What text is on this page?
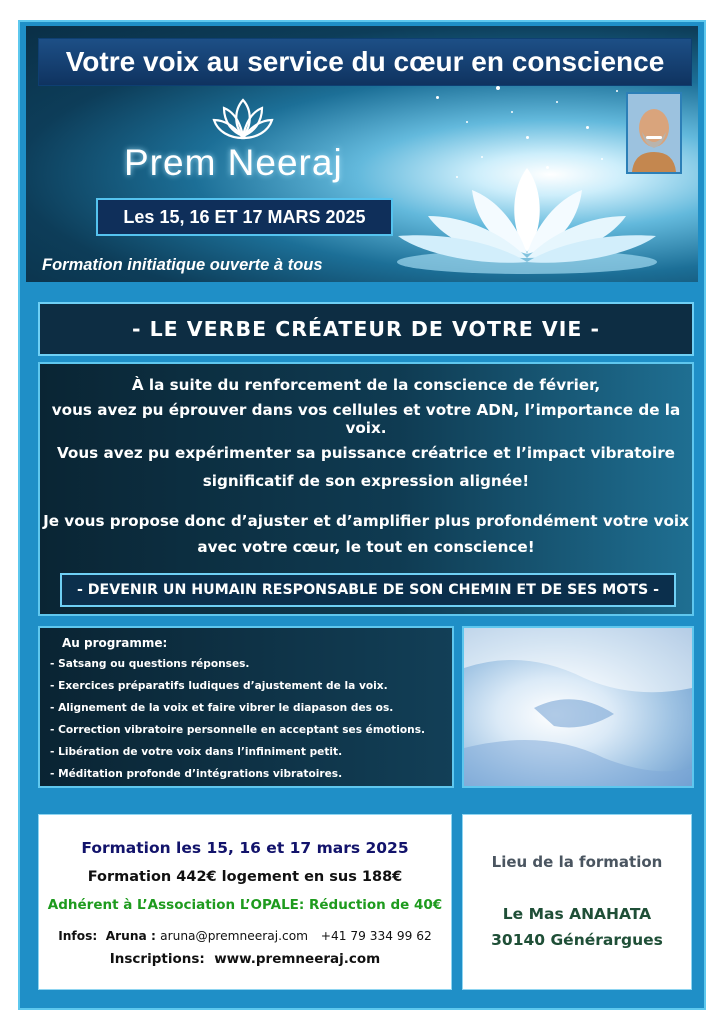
Votre voix au service du cœur en conscience
Prem Neeraj
Les 15, 16 ET 17 MARS 2025
Formation initiatique ouverte à tous
- LE VERBE CRÉATEUR DE VOTRE VIE -
À la suite du renforcement de la conscience de février,
vous avez pu éprouver dans vos cellules et votre ADN, l’importance de la voix.
Vous avez pu expérimenter sa puissance créatrice et l’impact vibratoire
significatif de son expression alignée!
Je vous propose donc d’ajuster et d’amplifier plus profondément votre voix
avec votre cœur, le tout en conscience!
- DEVENIR UN HUMAIN RESPONSABLE DE SON CHEMIN ET DE SES MOTS -
Au programme:
- Satsang ou questions réponses.
- Exercices préparatifs ludiques d’ajustement de la voix.
- Alignement de la voix et faire vibrer le diapason des os.
- Correction vibratoire personnelle en acceptant ses émotions.
- Libération de votre voix dans l’infiniment petit.
- Méditation profonde d’intégrations vibratoires.
Formation les 15, 16 et 17 mars 2025
Formation 442€ logement en sus 188€
Adhérent à L’Association L’OPALE: Réduction de 40€
Infos: Aruna : aruna@premneeraj.com +41 79 334 99 62
Inscriptions: www.premneeraj.com
Lieu de la formation
Le Mas ANAHATA
30140 Générargues
